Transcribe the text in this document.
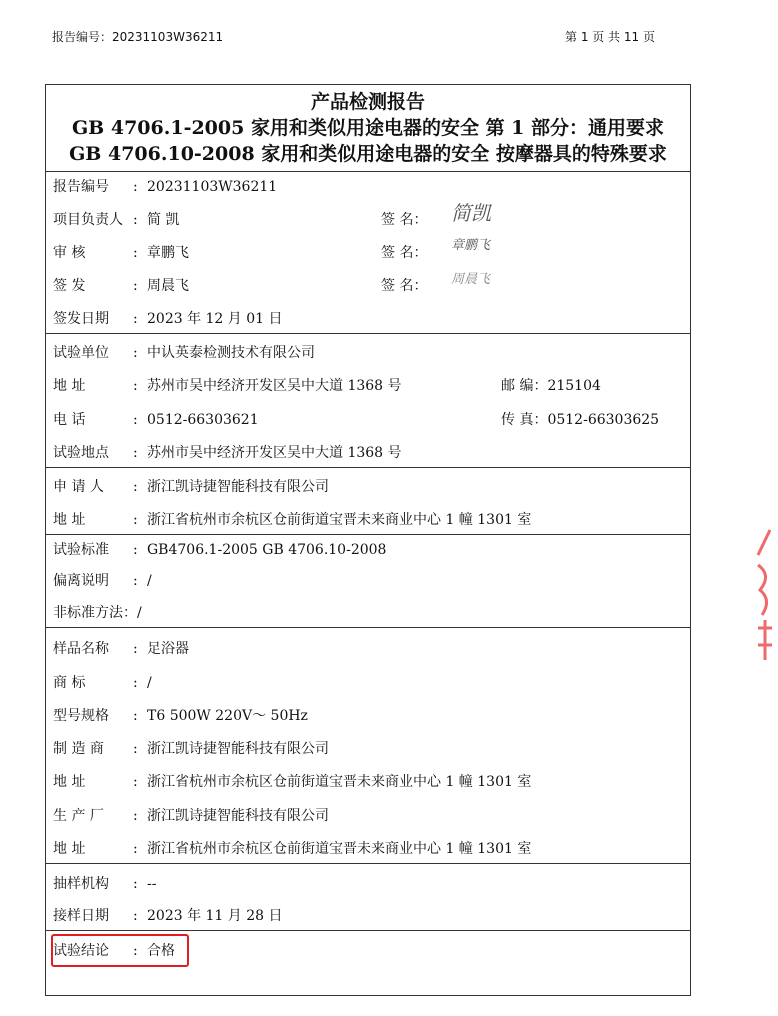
报告编号：20231103W36211	第 1 页 共 11 页
产品检测报告
GB 4706.1-2005 家用和类似用途电器的安全 第 1 部分：通用要求
GB 4706.10-2008 家用和类似用途电器的安全 按摩器具的特殊要求
报告编号 : 20231103W36211
项目负责人 : 简 凯	签 名： 简凯
审 核	: 章鹏飞	签 名： 章鹏飞
签 发	: 周晨飞	签 名： 周晨飞
签发日期 : 2023 年 12 月 01 日
试验单位 : 中认英泰检测技术有限公司
地 址	: 苏州市吴中经济开发区吴中大道 1368 号	邮 编：215104
电 话	: 0512-66303621	传 真：0512-66303625
试验地点 : 苏州市吴中经济开发区吴中大道 1368 号
申 请 人 : 浙江凯诗捷智能科技有限公司
地 址	: 浙江省杭州市余杭区仓前街道宝晋未来商业中心 1 幢 1301 室
试验标准 : GB4706.1-2005 GB 4706.10-2008
偏离说明 : /
非标准方法：/
样品名称 : 足浴器
商 标	: /
型号规格 : T6 500W 220V～ 50Hz
制 造 商 : 浙江凯诗捷智能科技有限公司
地 址	: 浙江省杭州市余杭区仓前街道宝晋未来商业中心 1 幢 1301 室
生 产 厂 : 浙江凯诗捷智能科技有限公司
地 址	: 浙江省杭州市余杭区仓前街道宝晋未来商业中心 1 幢 1301 室
抽样机构 : --
接样日期 : 2023 年 11 月 28 日
试验结论 : 合格
